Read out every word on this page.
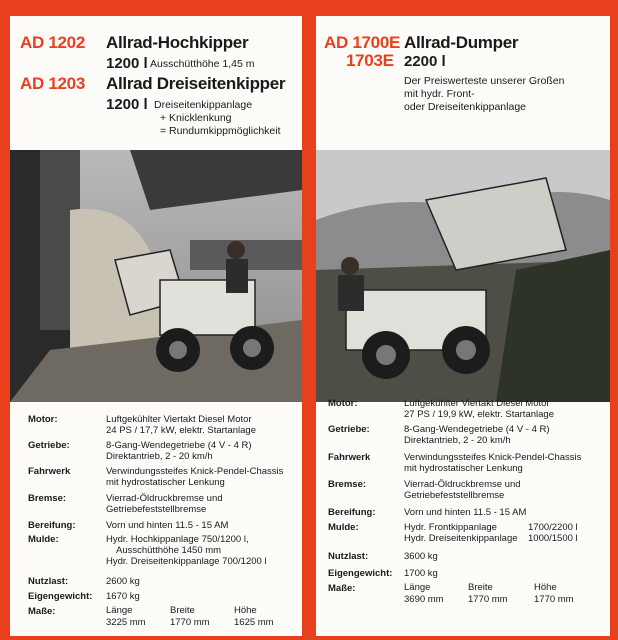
AD 1202 Allrad-Hochkipper
1200 l Ausschütthöhe 1,45 m
AD 1203 Allrad Dreiseitenkipper
1200 l Dreiseitenkippanlage
+ Knicklenkung
= Rundumkippmöglichkeit
Motor:	Luftgekühlter Viertakt Diesel Motor
24 PS / 17,7 kW, elektr. Startanlage
Getriebe:	8-Gang-Wendegetriebe (4 V - 4 R)
Direktantrieb, 2 - 20 km/h
Fahrwerk	Verwindungssteifes Knick-Pendel-Chassis
mit hydrostatischer Lenkung
Bremse:	Vierrad-Öldruckbremse und
Getriebefeststellbremse
Bereifung:	Vorn und hinten 11.5 - 15 AM
Mulde:	Hydr. Hochkippanlage 750/1200 l,
Ausschütthöhe 1450 mm
Hydr. Dreiseitenkippanlage 700/1200 l
Nutzlast:	2600 kg
Eigengewicht: 1670 kg
Maße:	Länge	Breite	Höhe
3225 mm	1770 mm	1625 mm
AD 1700E
1703E
Allrad-Dumper
2200 l
Der Preiswerteste unserer Großen
mit hydr. Front-
oder Dreiseitenkippanlage
Motor:	Luftgekühlter Viertakt Diesel Motor
27 PS / 19,9 kW, elektr. Startanlage
Getriebe:	8-Gang-Wendegetriebe (4 V - 4 R)
Direktantrieb, 2 - 20 km/h
Fahrwerk	Verwindungssteifes Knick-Pendel-Chassis
mit hydrostatischer Lenkung
Bremse:	Vierrad-Öldruckbremse und
Getriebefeststellbremse
Bereifung:	Vorn und hinten 11.5 - 15 AM
Mulde:	Hydr. Frontkippanlage	1700/2200 l
Hydr. Dreiseitenkippanlage 1000/1500 l
Nutzlast:	3600 kg
Eigengewicht: 1700 kg
Maße:	Länge	Breite	Höhe
3690 mm	1770 mm	1770 mm
